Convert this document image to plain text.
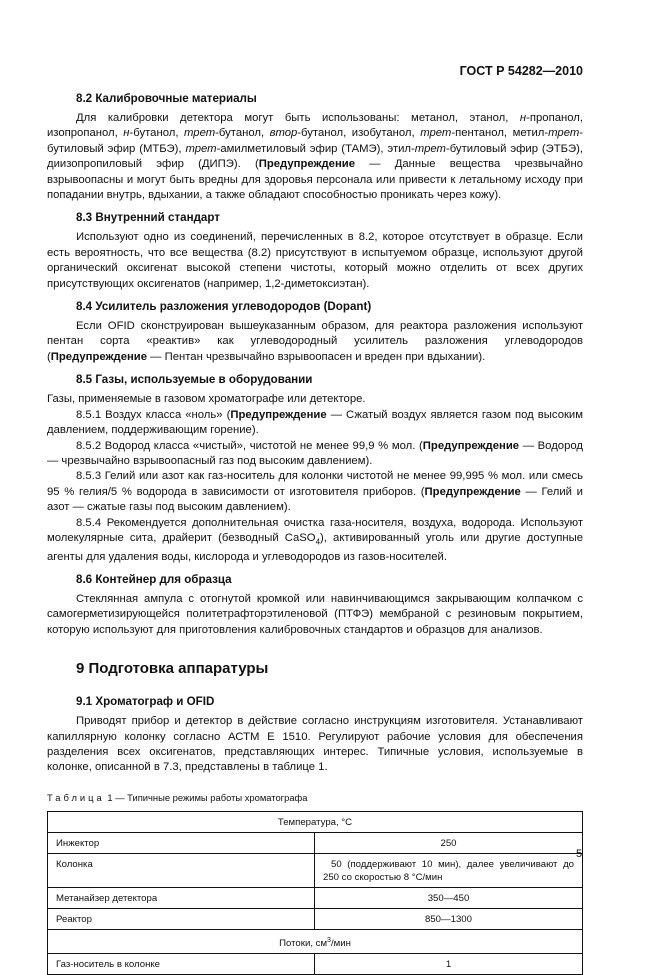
ГОСТ Р 54282—2010
8.2 Калибровочные материалы

Для калибровки детектора могут быть использованы: метанол, этанол, н-пропанол, изопропанол, н-бутанол, трет-бутанол, втор-бутанол, изобутанол, трет-пентанол, метил-трет-бутиловый эфир (МТБЭ), трет-амилметиловый эфир (ТАМЭ), этил-трет-бутиловый эфир (ЭТБЭ), диизопропиловый эфир (ДИПЭ). (Предупреждение — Данные вещества чрезвычайно взрывоопасны и могут быть вредны для здоровья персонала или привести к летальному исходу при попадании внутрь, вдыхании, а также обладают способностью проникать через кожу).

8.3 Внутренний стандарт

Используют одно из соединений, перечисленных в 8.2, которое отсутствует в образце. Если есть вероятность, что все вещества (8.2) присутствуют в испытуемом образце, используют другой органический оксигенат высокой степени чистоты, который можно отделить от всех других присутствующих оксигенатов (например, 1,2-диметоксиэтан).

8.4 Усилитель разложения углеводородов (Dopant)

Если OFID сконструирован вышеуказанным образом, для реактора разложения используют пентан сорта «реактив» как углеводородный усилитель разложения углеводородов (Предупреждение — Пентан чрезвычайно взрывоопасен и вреден при вдыхании).

8.5 Газы, используемые в оборудовании

Газы, применяемые в газовом хроматографе или детекторе.

8.5.1 Воздух класса «ноль» (Предупреждение — Сжатый воздух является газом под высоким давлением, поддерживающим горение).

8.5.2 Водород класса «чистый», чистотой не менее 99,9 % мол. (Предупреждение — Водород — чрезвычайно взрывоопасный газ под высоким давлением).

8.5.3 Гелий или азот как газ-носитель для колонки чистотой не менее 99,995 % мол. или смесь 95 % гелия/5 % водорода в зависимости от изготовителя приборов. (Предупреждение — Гелий и азот — сжатые газы под высоким давлением).

8.5.4 Рекомендуется дополнительная очистка газа-носителя, воздуха, водорода. Используют молекулярные сита, драйерит (безводный CaSO$_4$), активированный уголь или другие доступные агенты для удаления воды, кислорода и углеводородов из газов-носителей.

8.6 Контейнер для образца

Стеклянная ампула с отогнутой кромкой или навинчивающимся закрывающим колпачком с самогерметизирующейся политетрафторэтиленовой (ПТФЭ) мембраной с резиновым покрытием, которую используют для приготовления калибровочных стандартов и образцов для анализов.

9 Подготовка аппаратуры
9.1 Хроматограф и OFID

Приводят прибор и детектор в действие согласно инструкциям изготовителя. Устанавливают капиллярную колонку согласно АСТМ Е 1510. Регулируют рабочие условия для обеспечения разделения всех оксигенатов, представляющих интерес. Типичные условия, используемые в колонке, описанной в 7.3, представлены в таблице 1.

Таблица 1 — Типичные режимы работы хроматографа
Температура, °С	
Инжектор	250
Колонка	50 (поддерживают 10 мин), далее увеличивают до 250 со скоростью 8 °С/мин
Метанайзер детектора	350—450
Реактор	850—1300
Потоки, $см^3$/мин	
Газ-носитель в колонке	1
5
